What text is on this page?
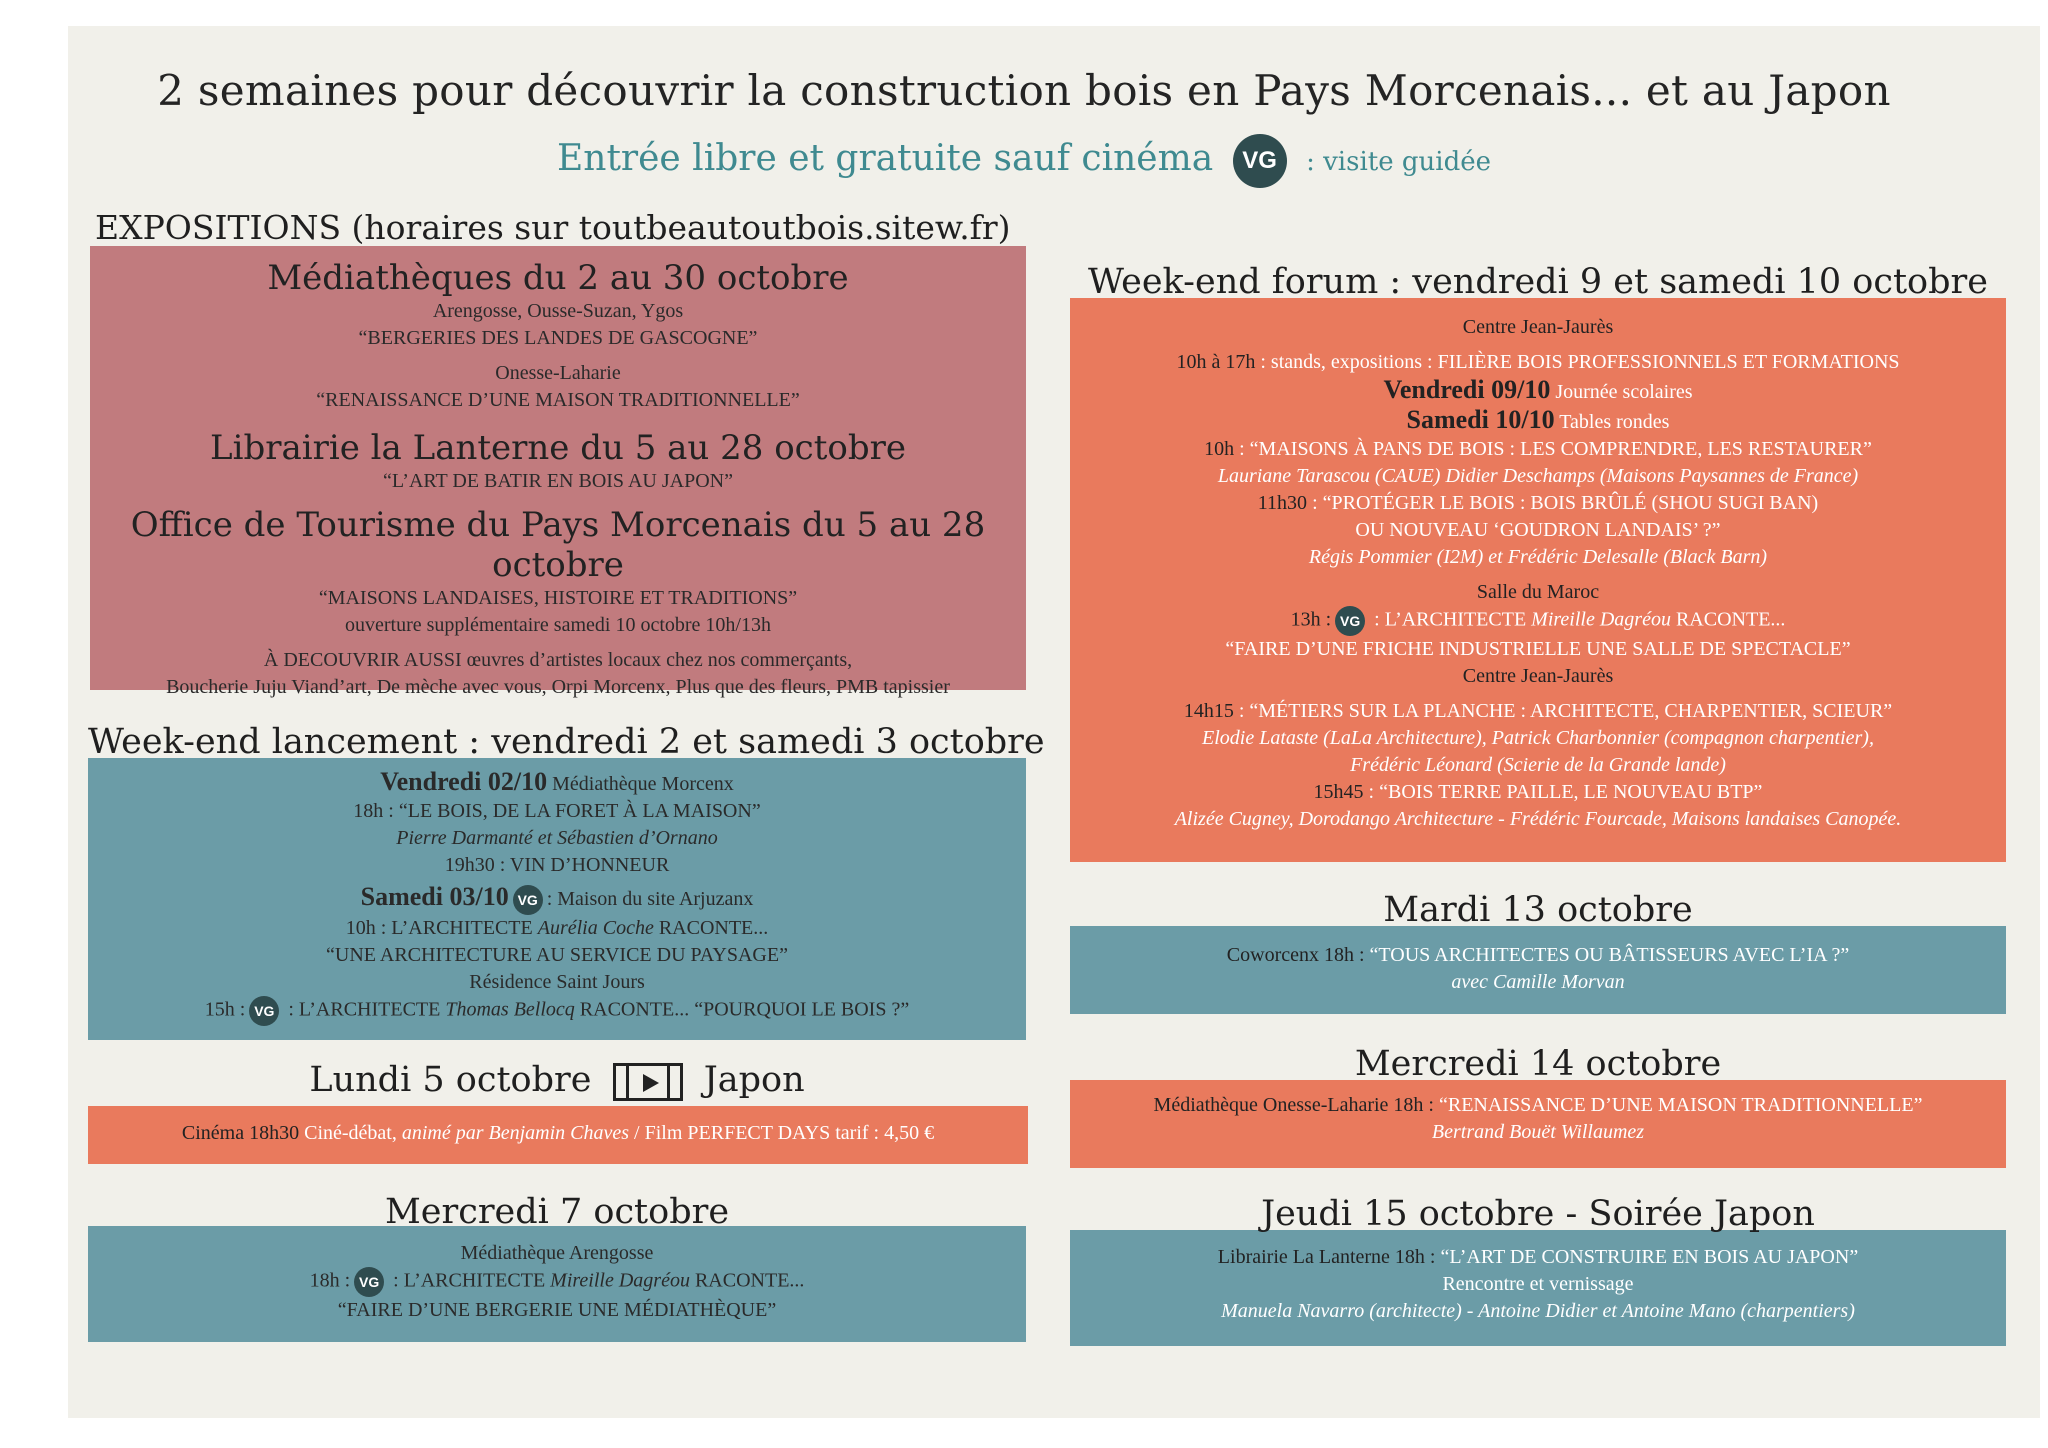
2 semaines pour découvrir la construction bois en Pays Morcenais... et au Japon
Entrée libre et gratuite sauf cinéma VG : visite guidée
Médiathèques du 2 au 30 octobre
Arengosse, Ousse-Suzan, Ygos
“BERGERIES DES LANDES DE GASCOGNE”
Onesse-Laharie
“RENAISSANCE D’UNE MAISON TRADITIONNELLE”
Librairie la Lanterne du 5 au 28 octobre
“L’ART DE BATIR EN BOIS AU JAPON”
Office de Tourisme du Pays Morcenais du 5 au 28 octobre
“MAISONS LANDAISES, HISTOIRE ET TRADITIONS”
ouverture supplémentaire samedi 10 octobre 10h/13h
À DECOUVRIR AUSSI œuvres d’artistes locaux chez nos commerçants,
Boucherie Juju Viand’art, De mèche avec vous, Orpi Morcenx, Plus que des fleurs, PMB tapissier
EXPOSITIONS (horaires sur toutbeautoutbois.sitew.fr)
Vendredi 02/10 Médiathèque Morcenx
18h : “LE BOIS, DE LA FORET À LA MAISON”
Pierre Darmanté et Sébastien d’Ornano
19h30 : VIN D’HONNEUR
Samedi 03/10 VG : Maison du site Arjuzanx
10h : L’ARCHITECTE Aurélia Coche RACONTE...
“UNE ARCHITECTURE AU SERVICE DU PAYSAGE”
Résidence Saint Jours
15h : VG : L’ARCHITECTE Thomas Bellocq RACONTE... “POURQUOI LE BOIS ?”
Week-end lancement : vendredi 2 et samedi 3 octobre
Cinéma 18h30 Ciné-débat, animé par Benjamin Chaves / Film PERFECT DAYS tarif : 4,50 €
Lundi 5 octobre	Japon
Médiathèque Arengosse
18h : VG : L’ARCHITECTE Mireille Dagréou RACONTE...
“FAIRE D’UNE BERGERIE UNE MÉDIATHÈQUE”
Mercredi 7 octobre
Centre Jean-Jaurès
10h à 17h : stands, expositions : FILIÈRE BOIS PROFESSIONNELS ET FORMATIONS
Vendredi 09/10 Journée scolaires
Samedi 10/10 Tables rondes
10h : “MAISONS À PANS DE BOIS : LES COMPRENDRE, LES RESTAURER”
Lauriane Tarascou (CAUE) Didier Deschamps (Maisons Paysannes de France)
11h30 : “PROTÉGER LE BOIS : BOIS BRÛLÉ (SHOU SUGI BAN)
OU NOUVEAU ‘GOUDRON LANDAIS’ ?”
Régis Pommier (I2M) et Frédéric Delesalle (Black Barn)
Salle du Maroc
13h : VG : L’ARCHITECTE Mireille Dagréou RACONTE...
“FAIRE D’UNE FRICHE INDUSTRIELLE UNE SALLE DE SPECTACLE”
Centre Jean-Jaurès
14h15 : “MÉTIERS SUR LA PLANCHE : ARCHITECTE, CHARPENTIER, SCIEUR”
Elodie Lataste (LaLa Architecture), Patrick Charbonnier (compagnon charpentier),
Frédéric Léonard (Scierie de la Grande lande)
15h45 : “BOIS TERRE PAILLE, LE NOUVEAU BTP”
Alizée Cugney, Dorodango Architecture - Frédéric Fourcade, Maisons landaises Canopée.
Week-end forum : vendredi 9 et samedi 10 octobre
Coworcenx 18h : “TOUS ARCHITECTES OU BÂTISSEURS AVEC L’IA ?”
avec Camille Morvan
Mardi 13 octobre
Médiathèque Onesse-Laharie 18h : “RENAISSANCE D’UNE MAISON TRADITIONNELLE”
Bertrand Bouët Willaumez
Mercredi 14 octobre
Librairie La Lanterne 18h : “L’ART DE CONSTRUIRE EN BOIS AU JAPON”
Rencontre et vernissage
Manuela Navarro (architecte) - Antoine Didier et Antoine Mano (charpentiers)
Jeudi 15 octobre - Soirée Japon
